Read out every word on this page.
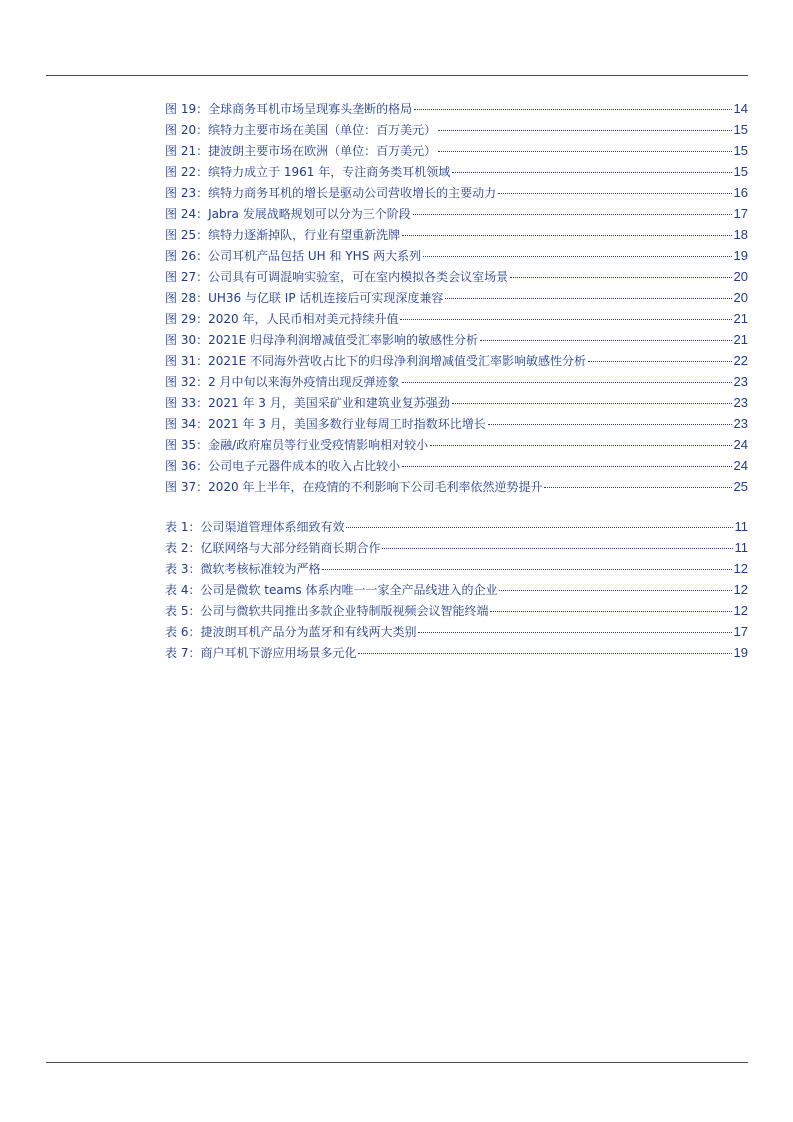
图 19：全球商务耳机市场呈现寡头垄断的格局	14
图 20：缤特力主要市场在美国（单位：百万美元）	15
图 21：捷波朗主要市场在欧洲（单位：百万美元）	15
图 22：缤特力成立于 1961 年，专注商务类耳机领域	15
图 23：缤特力商务耳机的增长是驱动公司营收增长的主要动力	16
图 24：Jabra 发展战略规划可以分为三个阶段	17
图 25：缤特力逐渐掉队，行业有望重新洗牌	18
图 26：公司耳机产品包括 UH 和 YHS 两大系列	19
图 27：公司具有可调混响实验室，可在室内模拟各类会议室场景	20
图 28：UH36 与亿联 IP 话机连接后可实现深度兼容	20
图 29：2020 年，人民币相对美元持续升值	21
图 30：2021E 归母净利润增减值受汇率影响的敏感性分析	21
图 31：2021E 不同海外营收占比下的归母净利润增减值受汇率影响敏感性分析	22
图 32：2 月中旬以来海外疫情出现反弹迹象	23
图 33：2021 年 3 月，美国采矿业和建筑业复苏强劲	23
图 34：2021 年 3 月，美国多数行业每周工时指数环比增长	23
图 35：金融/政府雇员等行业受疫情影响相对较小	24
图 36：公司电子元器件成本的收入占比较小	24
图 37：2020 年上半年，在疫情的不利影响下公司毛利率依然逆势提升	25
表 1：公司渠道管理体系细致有效	11
表 2：亿联网络与大部分经销商长期合作	11
表 3：微软考核标准较为严格	12
表 4：公司是微软 teams 体系内唯一一家全产品线进入的企业	12
表 5：公司与微软共同推出多款企业特制版视频会议智能终端	12
表 6：捷波朗耳机产品分为蓝牙和有线两大类别	17
表 7：商户耳机下游应用场景多元化	19
